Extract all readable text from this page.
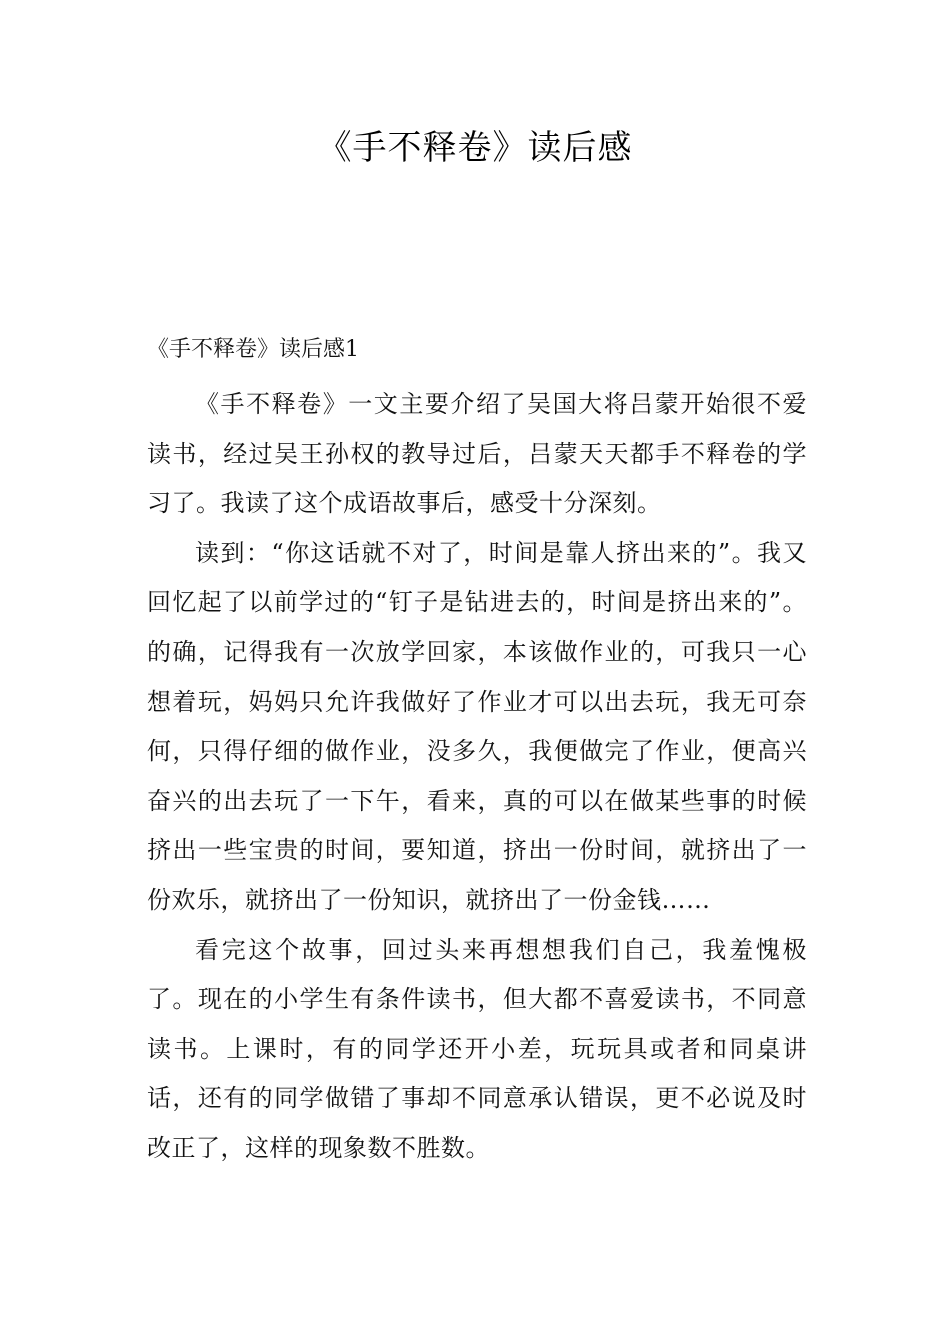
《手不释卷》读后感
《手不释卷》读后感1

《手不释卷》一文主要介绍了吴国大将吕蒙开始很不爱读书，经过吴王孙权的教导过后，吕蒙天天都手不释卷的学习了。我读了这个成语故事后，感受十分深刻。

读到：“你这话就不对了，时间是靠人挤出来的”。我又回忆起了以前学过的“钉子是钻进去的，时间是挤出来的”。的确，记得我有一次放学回家，本该做作业的，可我只一心想着玩，妈妈只允许我做好了作业才可以出去玩，我无可奈何，只得仔细的做作业，没多久，我便做完了作业，便高兴奋兴的出去玩了一下午，看来，真的可以在做某些事的时候挤出一些宝贵的时间，要知道，挤出一份时间，就挤出了一份欢乐，就挤出了一份知识，就挤出了一份金钱……

看完这个故事，回过头来再想想我们自己，我羞愧极了。现在的小学生有条件读书，但大都不喜爱读书，不同意读书。上课时，有的同学还开小差，玩玩具或者和同桌讲话，还有的同学做错了事却不同意承认错误，更不必说及时改正了，这样的现象数不胜数。
